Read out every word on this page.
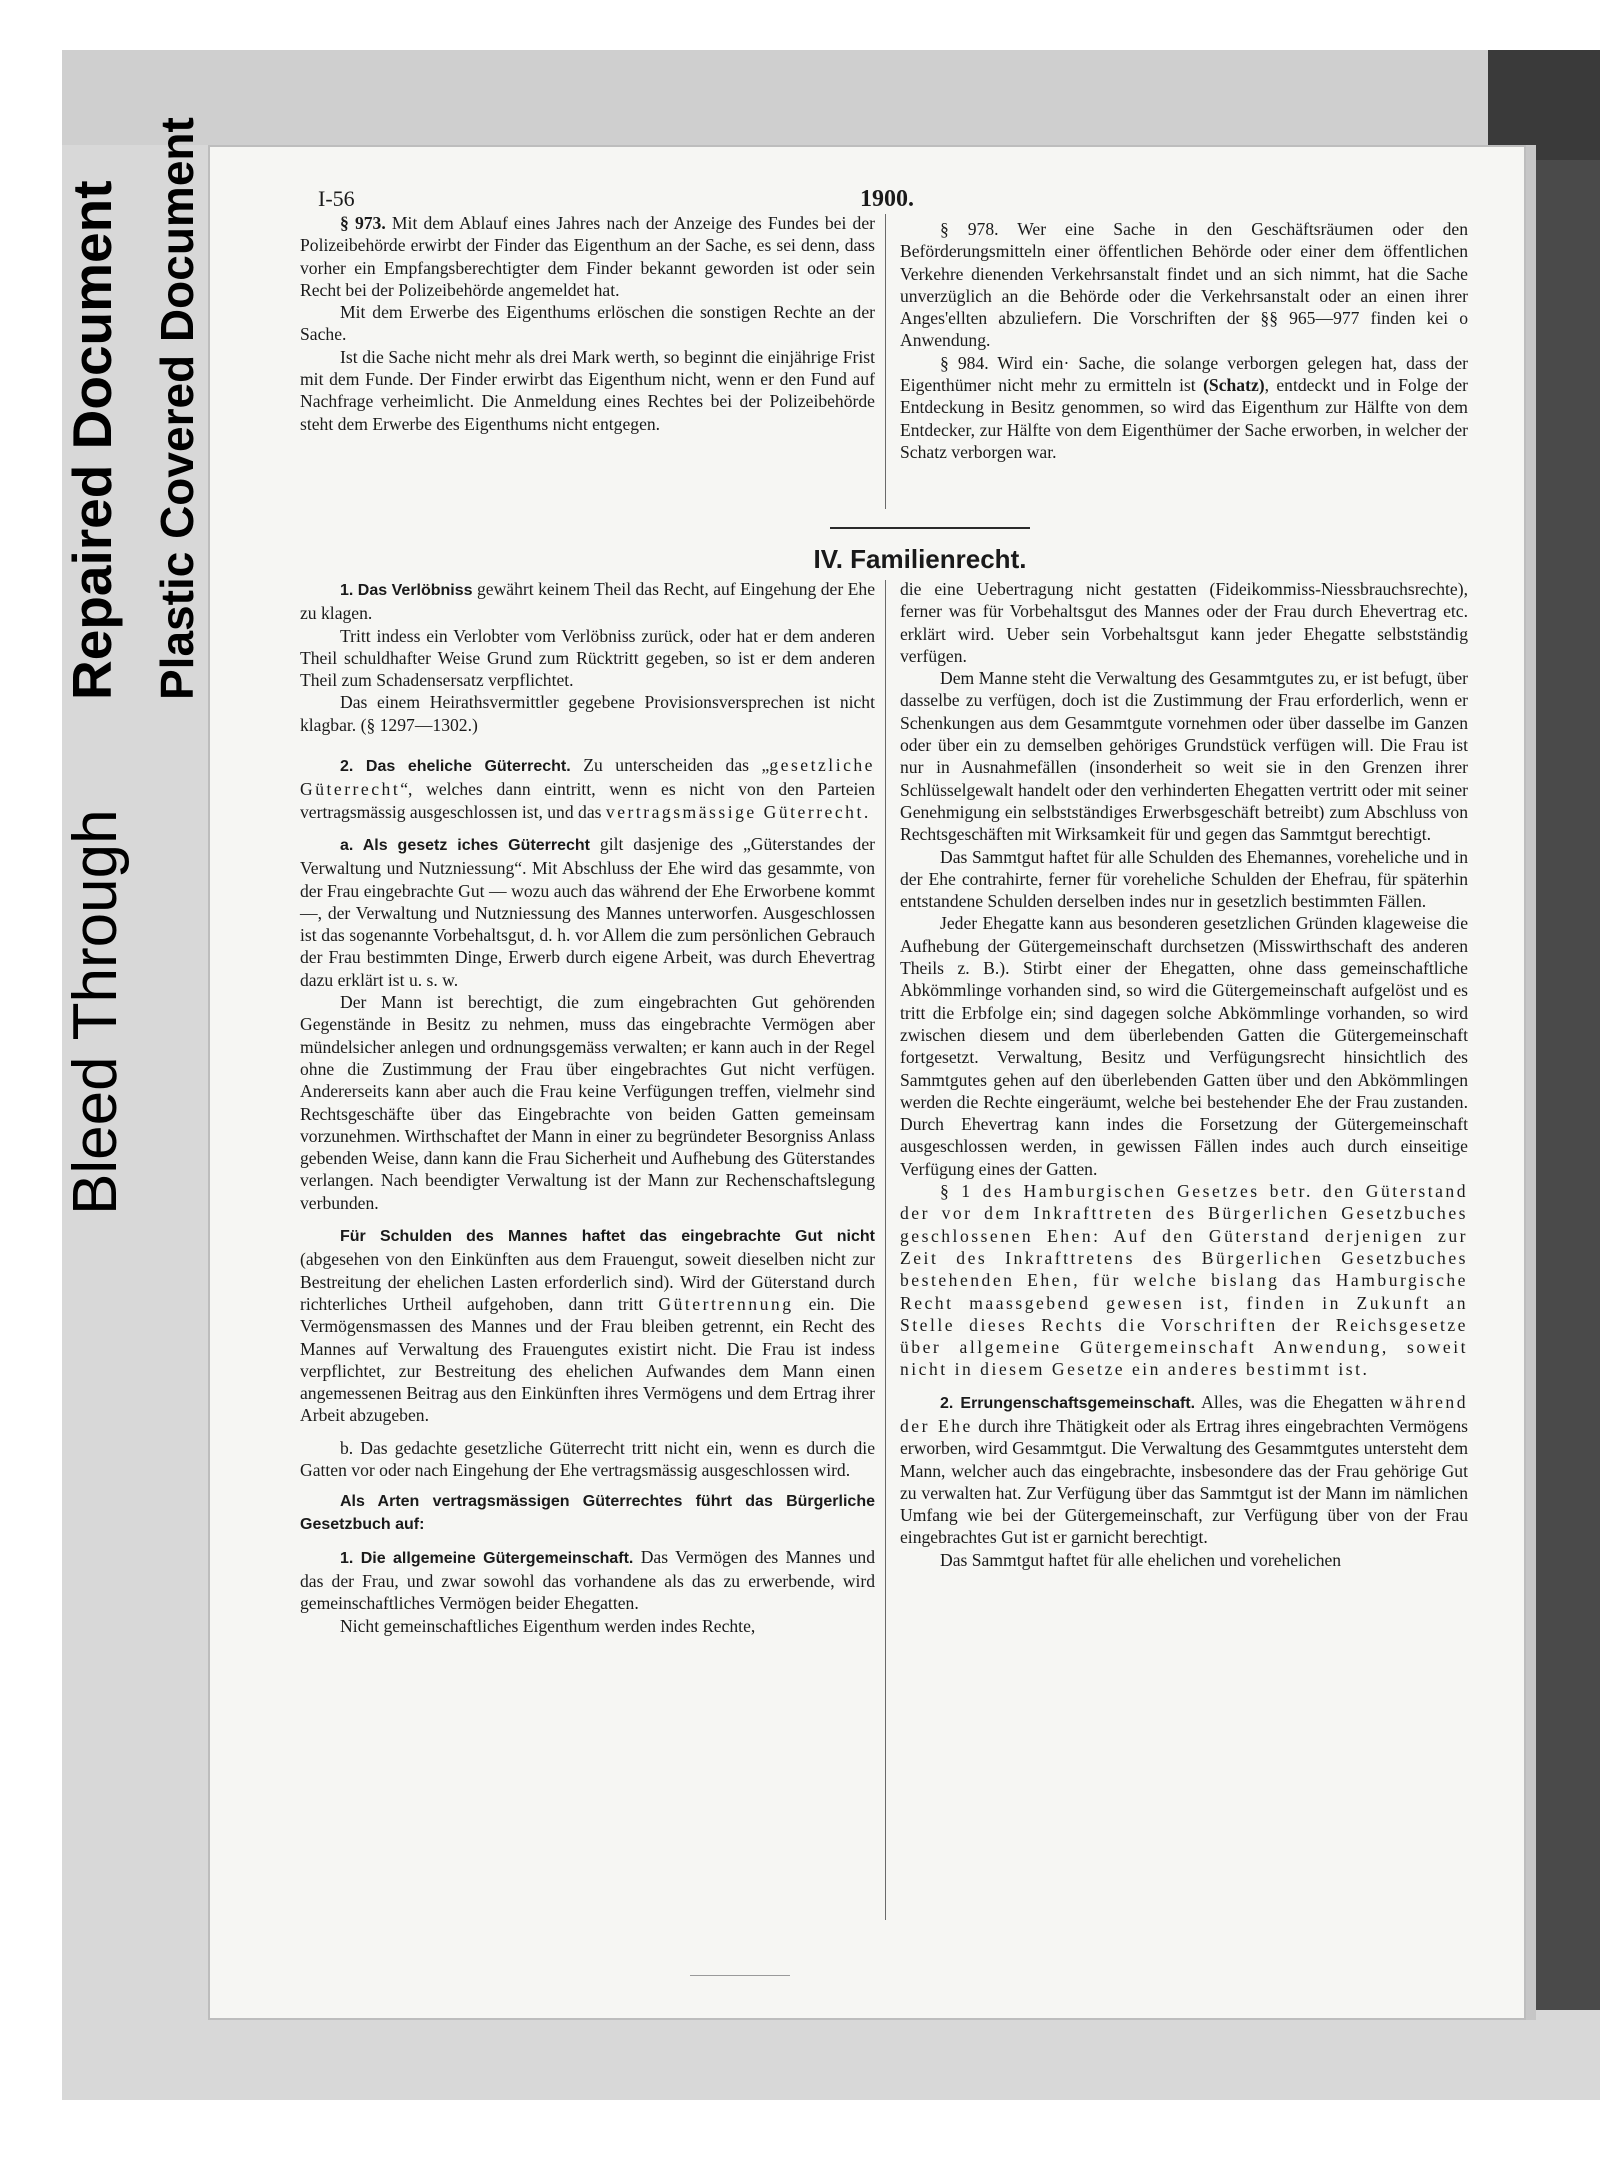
Bleed Through
Repaired Document Plastic Covered Document	I-56	1900.

§ 973. Mit dem Ablauf eines Jahres nach der Anzeige des Fundes bei der Polizeibehörde erwirbt der Finder das Eigenthum an der Sache, es sei denn, dass vorher ein Empfangsberechtigter dem Finder bekannt geworden ist oder sein Recht bei der Polizeibehörde angemeldet hat.

Mit dem Erwerbe des Eigenthums erlöschen die sonstigen Rechte an der Sache.

Ist die Sache nicht mehr als drei Mark werth, so beginnt die einjährige Frist mit dem Funde. Der Finder erwirbt das Eigenthum nicht, wenn er den Fund auf Nachfrage verheimlicht. Die Anmeldung eines Rechtes bei der Polizeibehörde steht dem Erwerbe des Eigenthums nicht entgegen.

§ 978. Wer eine Sache in den Geschäftsräumen oder den Beförderungsmitteln einer öffentlichen Behörde oder einer dem öffentlichen Verkehre dienenden Verkehrsanstalt findet und an sich nimmt, hat die Sache unverzüglich an die Behörde oder die Verkehrsanstalt oder an einen ihrer Anges'ellten abzuliefern. Die Vorschriften der §§ 965—977 finden kei o Anwendung.

§ 984. Wird ein· Sache, die solange verborgen gelegen hat, dass der Eigenthümer nicht mehr zu ermitteln ist (Schatz), entdeckt und in Folge der Entdeckung in Besitz genommen, so wird das Eigenthum zur Hälfte von dem Entdecker, zur Hälfte von dem Eigenthümer der Sache erworben, in welcher der Schatz verborgen war.

IV. Familienrecht.

1. Das Verlöbniss gewährt keinem Theil das Recht, auf Eingehung der Ehe zu klagen.

Tritt indess ein Verlobter vom Verlöbniss zurück, oder hat er dem anderen Theil schuldhafter Weise Grund zum Rücktritt gegeben, so ist er dem anderen Theil zum Schadensersatz verpflichtet.

Das einem Heirathsvermittler gegebene Provisionsversprechen ist nicht klagbar. (§ 1297—1302.)

2. Das eheliche Güterrecht. Zu unterscheiden das „gesetzliche Güterrecht“, welches dann eintritt, wenn es nicht von den Parteien vertragsmässig ausgeschlossen ist, und das vertragsmässige Güterrecht.

a. Als gesetz iches Güterrecht gilt dasjenige des „Güterstandes der Verwaltung und Nutzniessung“. Mit Abschluss der Ehe wird das gesammte, von der Frau eingebrachte Gut — wozu auch das während der Ehe Erworbene kommt —, der Verwaltung und Nutzniessung des Mannes unterworfen. Ausgeschlossen ist das sogenannte Vorbehaltsgut, d. h. vor Allem die zum persönlichen Gebrauch der Frau bestimmten Dinge, Erwerb durch eigene Arbeit, was durch Ehevertrag dazu erklärt ist u. s. w.

Der Mann ist berechtigt, die zum eingebrachten Gut gehörenden Gegenstände in Besitz zu nehmen, muss das eingebrachte Vermögen aber mündelsicher anlegen und ordnungsgemäss verwalten; er kann auch in der Regel ohne die Zustimmung der Frau über eingebrachtes Gut nicht verfügen. Andererseits kann aber auch die Frau keine Verfügungen treffen, vielmehr sind Rechtsgeschäfte über das Eingebrachte von beiden Gatten gemeinsam vorzunehmen. Wirthschaftet der Mann in einer zu begründeter Besorgniss Anlass gebenden Weise, dann kann die Frau Sicherheit und Aufhebung des Güterstandes verlangen. Nach beendigter Verwaltung ist der Mann zur Rechenschaftslegung verbunden.

Für Schulden des Mannes haftet das eingebrachte Gut nicht (abgesehen von den Einkünften aus dem Frauengut, soweit dieselben nicht zur Bestreitung der ehelichen Lasten erforderlich sind). Wird der Güterstand durch richterliches Urtheil aufgehoben, dann tritt Gütertrennung ein. Die Vermögensmassen des Mannes und der Frau bleiben getrennt, ein Recht des Mannes auf Verwaltung des Frauengutes existirt nicht. Die Frau ist indess verpflichtet, zur Bestreitung des ehelichen Aufwandes dem Mann einen angemessenen Beitrag aus den Einkünften ihres Vermögens und dem Ertrag ihrer Arbeit abzugeben.

b. Das gedachte gesetzliche Güterrecht tritt nicht ein, wenn es durch die Gatten vor oder nach Eingehung der Ehe vertragsmässig ausgeschlossen wird.

Als Arten vertragsmässigen Güterrechtes führt das Bürgerliche Gesetzbuch auf:

1. Die allgemeine Gütergemeinschaft. Das Vermögen des Mannes und das der Frau, und zwar sowohl das vorhandene als das zu erwerbende, wird gemeinschaftliches Vermögen beider Ehegatten.

Nicht gemeinschaftliches Eigenthum werden indes Rechte,

die eine Uebertragung nicht gestatten (Fideikommiss-Niessbrauchsrechte), ferner was für Vorbehaltsgut des Mannes oder der Frau durch Ehevertrag etc. erklärt wird. Ueber sein Vorbehaltsgut kann jeder Ehegatte selbstständig verfügen.

Dem Manne steht die Verwaltung des Gesammtgutes zu, er ist befugt, über dasselbe zu verfügen, doch ist die Zustimmung der Frau erforderlich, wenn er Schenkungen aus dem Gesammtgute vornehmen oder über dasselbe im Ganzen oder über ein zu demselben gehöriges Grundstück verfügen will. Die Frau ist nur in Ausnahmefällen (insonderheit so weit sie in den Grenzen ihrer Schlüsselgewalt handelt oder den verhinderten Ehegatten vertritt oder mit seiner Genehmigung ein selbstständiges Erwerbsgeschäft betreibt) zum Abschluss von Rechtsgeschäften mit Wirksamkeit für und gegen das Sammtgut berechtigt.

Das Sammtgut haftet für alle Schulden des Ehemannes, voreheliche und in der Ehe contrahirte, ferner für voreheliche Schulden der Ehefrau, für späterhin entstandene Schulden derselben indes nur in gesetzlich bestimmten Fällen.

Jeder Ehegatte kann aus besonderen gesetzlichen Gründen klageweise die Aufhebung der Gütergemeinschaft durchsetzen (Misswirthschaft des anderen Theils z. B.). Stirbt einer der Ehegatten, ohne dass gemeinschaftliche Abkömmlinge vorhanden sind, so wird die Gütergemeinschaft aufgelöst und es tritt die Erbfolge ein; sind dagegen solche Abkömmlinge vorhanden, so wird zwischen diesem und dem überlebenden Gatten die Gütergemeinschaft fortgesetzt. Verwaltung, Besitz und Verfügungsrecht hinsichtlich des Sammtgutes gehen auf den überlebenden Gatten über und den Abkömmlingen werden die Rechte eingeräumt, welche bei bestehender Ehe der Frau zustanden. Durch Ehevertrag kann indes die Forsetzung der Gütergemeinschaft ausgeschlossen werden, in gewissen Fällen indes auch durch einseitige Verfügung eines der Gatten.

§ 1 des Hamburgischen Gesetzes betr. den Güterstand der vor dem Inkrafttreten des Bürgerlichen Gesetzbuches geschlossenen Ehen: Auf den Güterstand derjenigen zur Zeit des Inkrafttretens des Bürgerlichen Gesetzbuches bestehenden Ehen, für welche bislang das Hamburgische Recht maassgebend gewesen ist, finden in Zukunft an Stelle dieses Rechts die Vorschriften der Reichsgesetze über allgemeine Gütergemeinschaft Anwendung, soweit nicht in diesem Gesetze ein anderes bestimmt ist.

2. Errungenschaftsgemeinschaft. Alles, was die Ehegatten während der Ehe durch ihre Thätigkeit oder als Ertrag ihres eingebrachten Vermögens erworben, wird Gesammtgut. Die Verwaltung des Gesammtgutes untersteht dem Mann, welcher auch das eingebrachte, insbesondere das der Frau gehörige Gut zu verwalten hat. Zur Verfügung über das Sammtgut ist der Mann im nämlichen Umfang wie bei der Gütergemeinschaft, zur Verfügung über von der Frau eingebrachtes Gut ist er garnicht berechtigt.

Das Sammtgut haftet für alle ehelichen und vorehelichen
